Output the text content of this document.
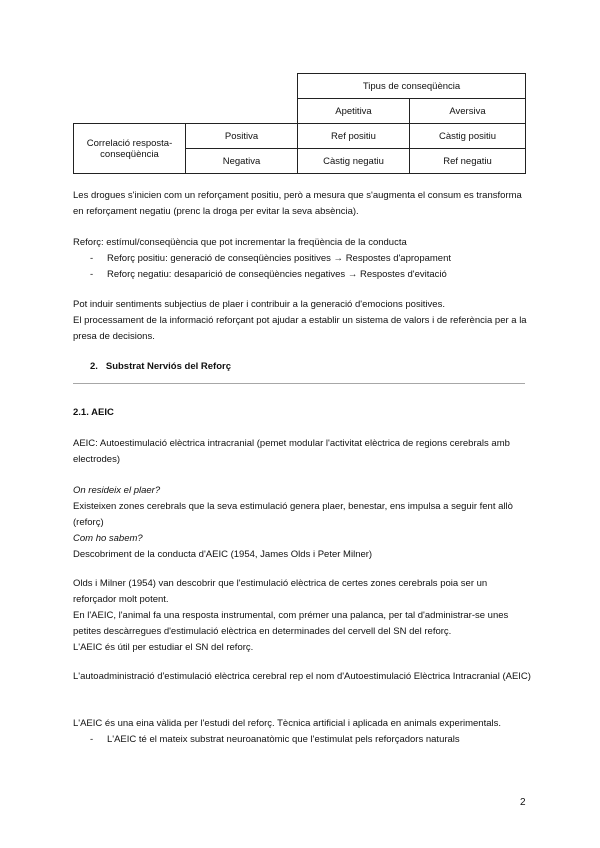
		Tipus de conseqüència	
		Apetitiva	Aversiva
Correlació resposta-conseqüència	Positiva	Ref positiu	Càstig positiu
	Negativa	Càstig negatiu	Ref negatiu

Les drogues s'inicien com un reforçament positiu, però a mesura que s'augmenta el consum es transforma en reforçament negatiu (prenc la droga per evitar la seva absència).

Reforç: estímul/conseqüència que pot incrementar la freqüència de la conducta

- Reforç positiu: generació de conseqüències positives → Respostes d'apropament

- Reforç negatiu: desaparició de conseqüències negatives → Respostes d'evitació

Pot induir sentiments subjectius de plaer i contribuir a la generació d'emocions positives.

El processament de la informació reforçant pot ajudar a establir un sistema de valors i de referència per a la presa de decisions.

2. Substrat Nerviós del Reforç
2.1. AEIC

AEIC: Autoestimulació elèctrica intracranial (pemet modular l'activitat elèctrica de regions cerebrals amb electrodes)

On resideix el plaer?

Existeixen zones cerebrals que la seva estimulació genera plaer, benestar, ens impulsa a seguir fent allò (reforç)

Com ho sabem?

Descobriment de la conducta d'AEIC (1954, James Olds i Peter Milner)

Olds i Milner (1954) van descobrir que l'estimulació elèctrica de certes zones cerebrals poia ser un reforçador molt potent.

En l'AEIC, l'animal fa una resposta instrumental, com prémer una palanca, per tal d'administrar-se unes petites descàrregues d'estimulació elèctrica en determinades del cervell del SN del reforç.

L'AEIC és útil per estudiar el SN del reforç.

L'autoadministració d'estimulació elèctrica cerebral rep el nom d'Autoestimulació Elèctrica Intracranial (AEIC)

L'AEIC és una eina vàlida per l'estudi del reforç. Tècnica artificial i aplicada en animals experimentals.

- L'AEIC té el mateix substrat neuroanatòmic que l'estimulat pels reforçadors naturals

2
